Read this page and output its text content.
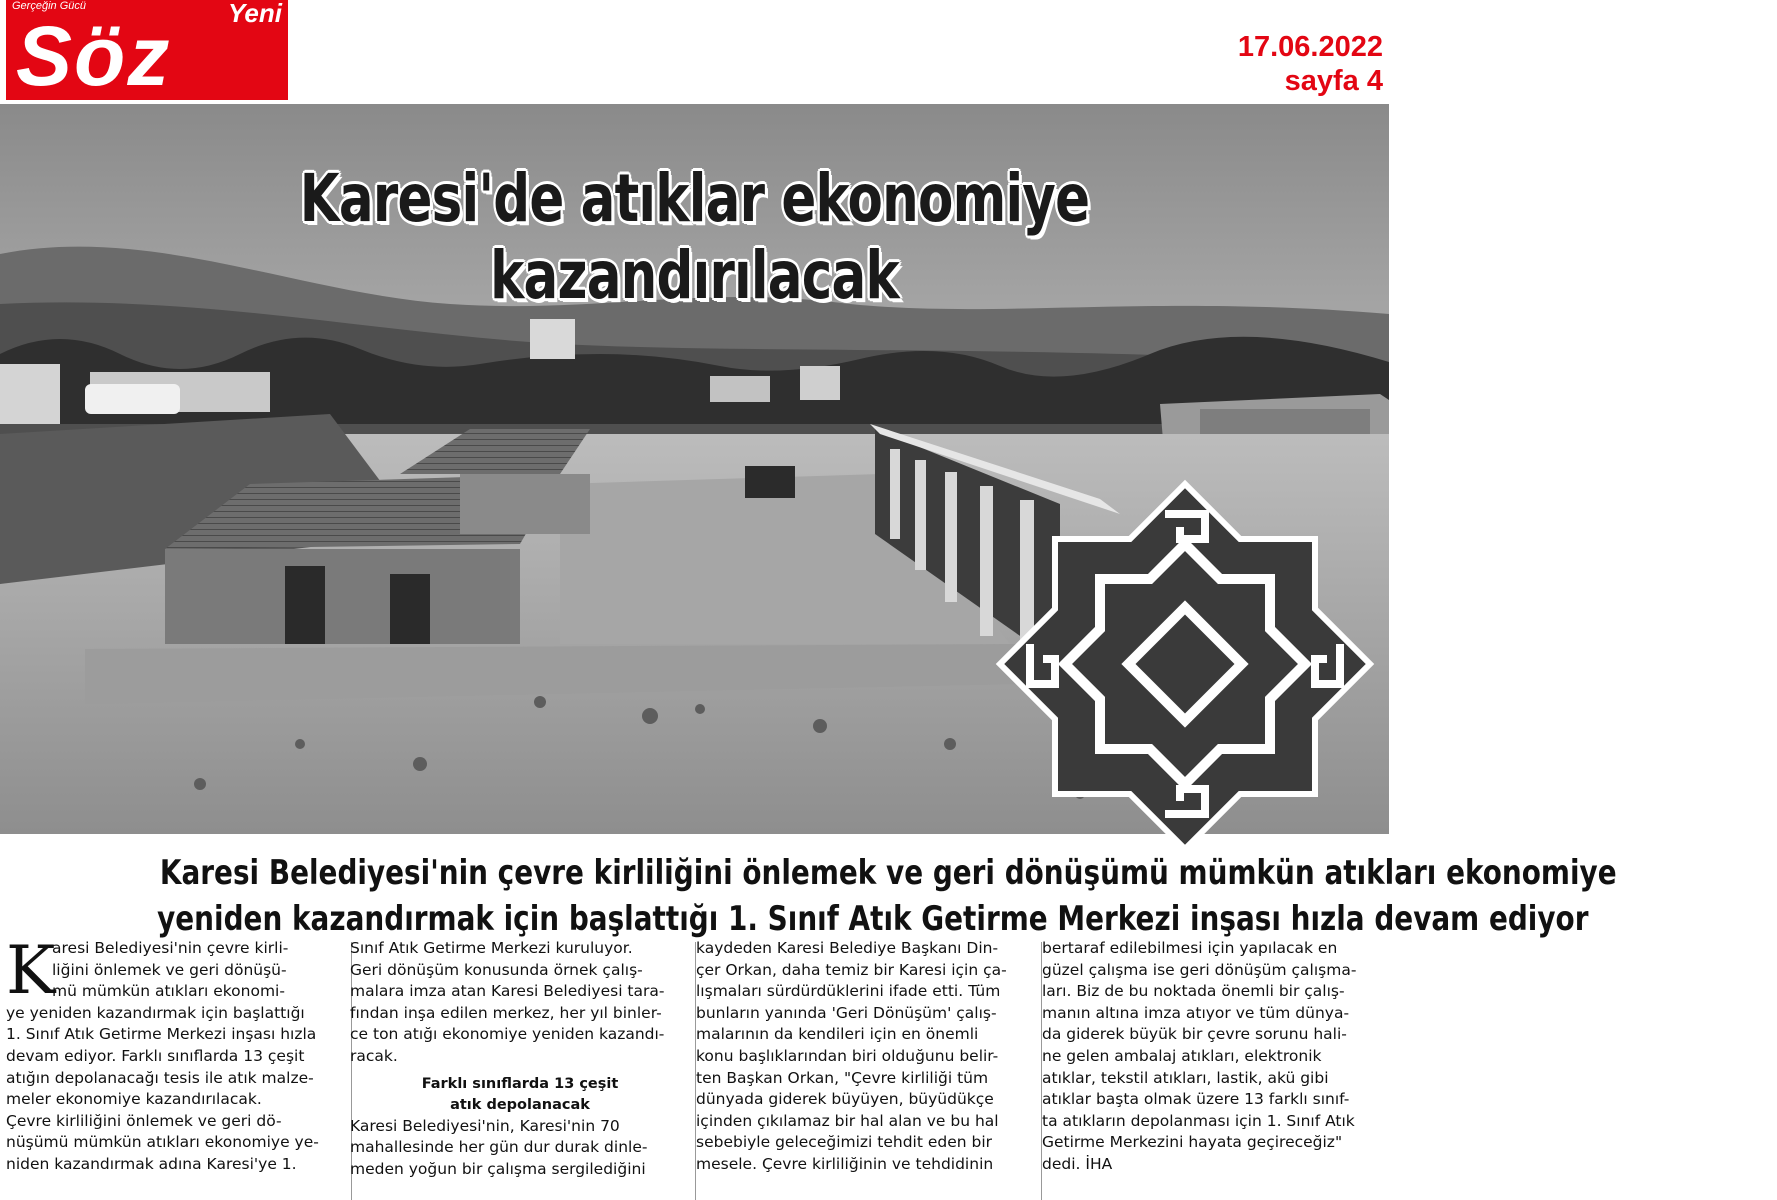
Gerçeğin Gücü	Yeni
Söz	17.06.2022
sayfa 4
Karesi'de atıklar ekonomiye kazandırılacak
Karesi Belediyesi'nin çevre kirliliğini önlemek ve geri dönüşümü mümkün atıkları ekonomiye
yeniden kazandırmak için başlattığı 1. Sınıf Atık Getirme Merkezi inşası hızla devam ediyor
K

aresi Belediyesi'nin çevre kirli-

liğini önlemek ve geri dönüşü-

mü mümkün atıkları ekonomi-

ye yeniden kazandırmak için başlattığı

1. Sınıf Atık Getirme Merkezi inşası hızla

devam ediyor. Farklı sınıflarda 13 çeşit

atığın depolanacağı tesis ile atık malze-

meler ekonomiye kazandırılacak.

Çevre kirliliğini önlemek ve geri dö-

nüşümü mümkün atıkları ekonomiye ye-

niden kazandırmak adına Karesi'ye 1.

Sınıf Atık Getirme Merkezi kuruluyor.

Geri dönüşüm konusunda örnek çalış-

malara imza atan Karesi Belediyesi tara-

fından inşa edilen merkez, her yıl binler-

ce ton atığı ekonomiye yeniden kazandı-

racak.

Farklı sınıflarda 13 çeşit
atık depolanacak

Karesi Belediyesi'nin, Karesi'nin 70

mahallesinde her gün dur durak dinle-

meden yoğun bir çalışma sergilediğini

kaydeden Karesi Belediye Başkanı Din-

çer Orkan, daha temiz bir Karesi için ça-

lışmaları sürdürdüklerini ifade etti. Tüm

bunların yanında 'Geri Dönüşüm' çalış-

malarının da kendileri için en önemli

konu başlıklarından biri olduğunu belir-

ten Başkan Orkan, "Çevre kirliliği tüm

dünyada giderek büyüyen, büyüdükçe

içinden çıkılamaz bir hal alan ve bu hal

sebebiyle geleceğimizi tehdit eden bir

mesele. Çevre kirliliğinin ve tehdidinin

bertaraf edilebilmesi için yapılacak en

güzel çalışma ise geri dönüşüm çalışma-

ları. Biz de bu noktada önemli bir çalış-

manın altına imza atıyor ve tüm dünya-

da giderek büyük bir çevre sorunu hali-

ne gelen ambalaj atıkları, elektronik

atıklar, tekstil atıkları, lastik, akü gibi

atıklar başta olmak üzere 13 farklı sınıf-

ta atıkların depolanması için 1. Sınıf Atık

Getirme Merkezini hayata geçireceğiz"

dedi. İHA
